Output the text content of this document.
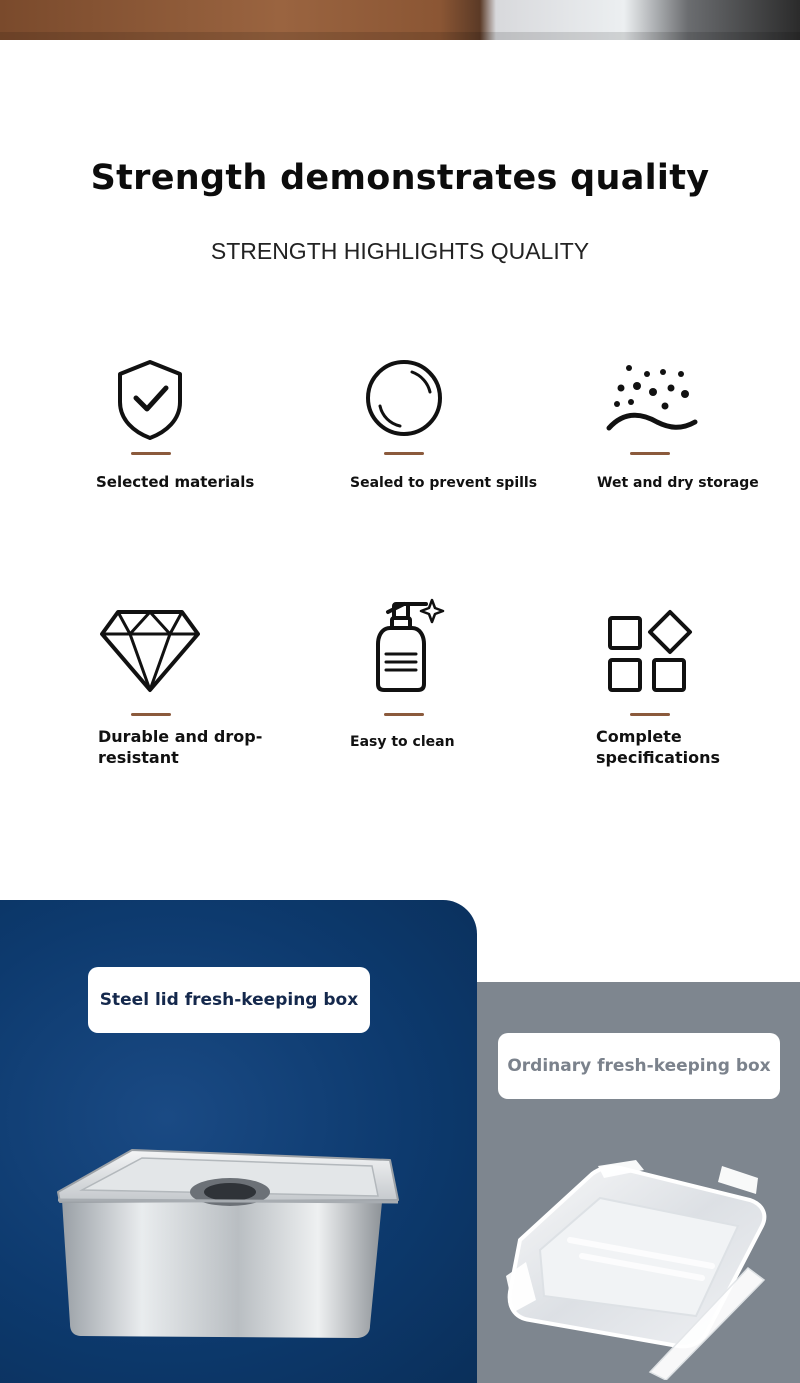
Strength demonstrates quality
STRENGTH HIGHLIGHTS QUALITY
Selected materials	Sealed to prevent spills	Wet and dry storage
Durable and drop-resistant
Easy to clean	Complete specifications
Steel lid fresh-keeping box
Ordinary fresh-keeping box
